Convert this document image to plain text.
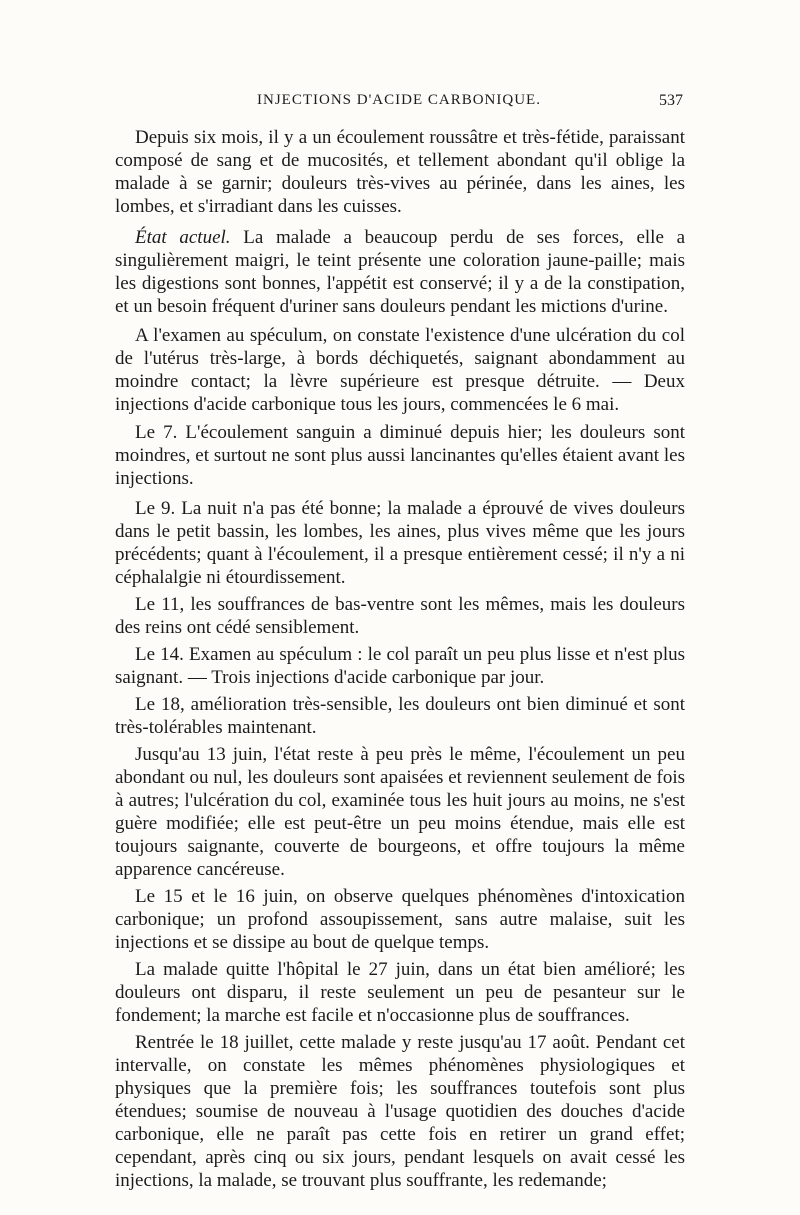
INJECTIONS D'ACIDE CARBONIQUE.	537

Depuis six mois, il y a un écoulement roussâtre et très-fétide, paraissant composé de sang et de mucosités, et tellement abondant qu'il oblige la malade à se garnir; douleurs très-vives au périnée, dans les aines, les lombes, et s'irradiant dans les cuisses.

État actuel. La malade a beaucoup perdu de ses forces, elle a singulièrement maigri, le teint présente une coloration jaune-paille; mais les digestions sont bonnes, l'appétit est conservé; il y a de la constipation, et un besoin fréquent d'uriner sans douleurs pendant les mictions d'urine.

A l'examen au spéculum, on constate l'existence d'une ulcération du col de l'utérus très-large, à bords déchiquetés, saignant abondamment au moindre contact; la lèvre supérieure est presque détruite. — Deux injections d'acide carbonique tous les jours, commencées le 6 mai.

Le 7. L'écoulement sanguin a diminué depuis hier; les douleurs sont moindres, et surtout ne sont plus aussi lancinantes qu'elles étaient avant les injections.

Le 9. La nuit n'a pas été bonne; la malade a éprouvé de vives douleurs dans le petit bassin, les lombes, les aines, plus vives même que les jours précédents; quant à l'écoulement, il a presque entièrement cessé; il n'y a ni céphalalgie ni étourdissement.

Le 11, les souffrances de bas-ventre sont les mêmes, mais les douleurs des reins ont cédé sensiblement.

Le 14. Examen au spéculum : le col paraît un peu plus lisse et n'est plus saignant. — Trois injections d'acide carbonique par jour.

Le 18, amélioration très-sensible, les douleurs ont bien diminué et sont très-tolérables maintenant.

Jusqu'au 13 juin, l'état reste à peu près le même, l'écoulement un peu abondant ou nul, les douleurs sont apaisées et reviennent seulement de fois à autres; l'ulcération du col, examinée tous les huit jours au moins, ne s'est guère modifiée; elle est peut-être un peu moins étendue, mais elle est toujours saignante, couverte de bourgeons, et offre toujours la même apparence cancéreuse.

Le 15 et le 16 juin, on observe quelques phénomènes d'intoxication carbonique; un profond assoupissement, sans autre malaise, suit les injections et se dissipe au bout de quelque temps.

La malade quitte l'hôpital le 27 juin, dans un état bien amélioré; les douleurs ont disparu, il reste seulement un peu de pesanteur sur le fondement; la marche est facile et n'occasionne plus de souffrances.

Rentrée le 18 juillet, cette malade y reste jusqu'au 17 août. Pendant cet intervalle, on constate les mêmes phénomènes physiologiques et physiques que la première fois; les souffrances toutefois sont plus étendues; soumise de nouveau à l'usage quotidien des douches d'acide carbonique, elle ne paraît pas cette fois en retirer un grand effet; cependant, après cinq ou six jours, pendant lesquels on avait cessé les injections, la malade, se trouvant plus souffrante, les redemande;
